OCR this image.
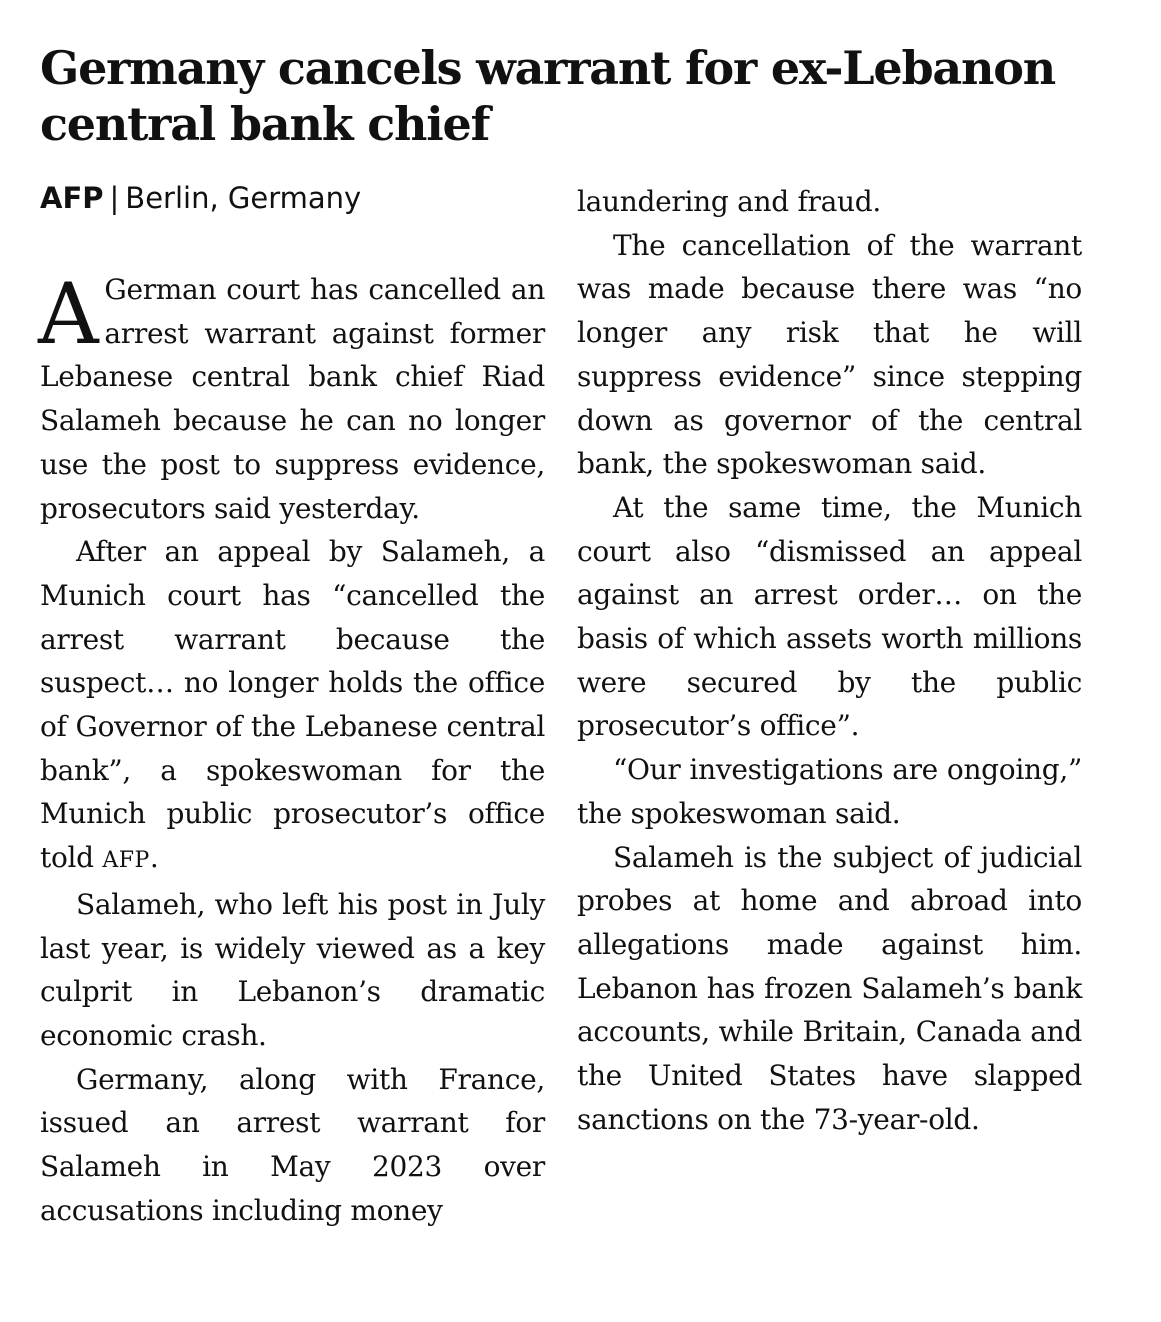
Germany cancels warrant for ex-Lebanon central bank chief
AFP | Berlin, Germany

A German court has cancelled an arrest warrant against former Lebanese central bank chief Riad Salameh because he can no longer use the post to suppress evidence, prosecutors said yesterday.

After an appeal by Salameh, a Munich court has “cancelled the arrest warrant because the suspect… no longer holds the office of Governor of the Lebanese central bank”, a spokeswoman for the Munich public prosecutor’s office told AFP.

Salameh, who left his post in July last year, is widely viewed as a key culprit in Lebanon’s dramatic economic crash.

Germany, along with France, issued an arrest warrant for Salameh in May 2023 over accusations including money

laundering and fraud.

The cancellation of the warrant was made because there was “no longer any risk that he will suppress evidence” since stepping down as governor of the central bank, the spokeswoman said.

At the same time, the Munich court also “dismissed an appeal against an arrest order… on the basis of which assets worth millions were secured by the public prosecutor’s office”.

“Our investigations are ongoing,” the spokeswoman said.

Salameh is the subject of judicial probes at home and abroad into allegations made against him. Lebanon has frozen Salameh’s bank accounts, while Britain, Canada and the United States have slapped sanctions on the 73-year-old.
